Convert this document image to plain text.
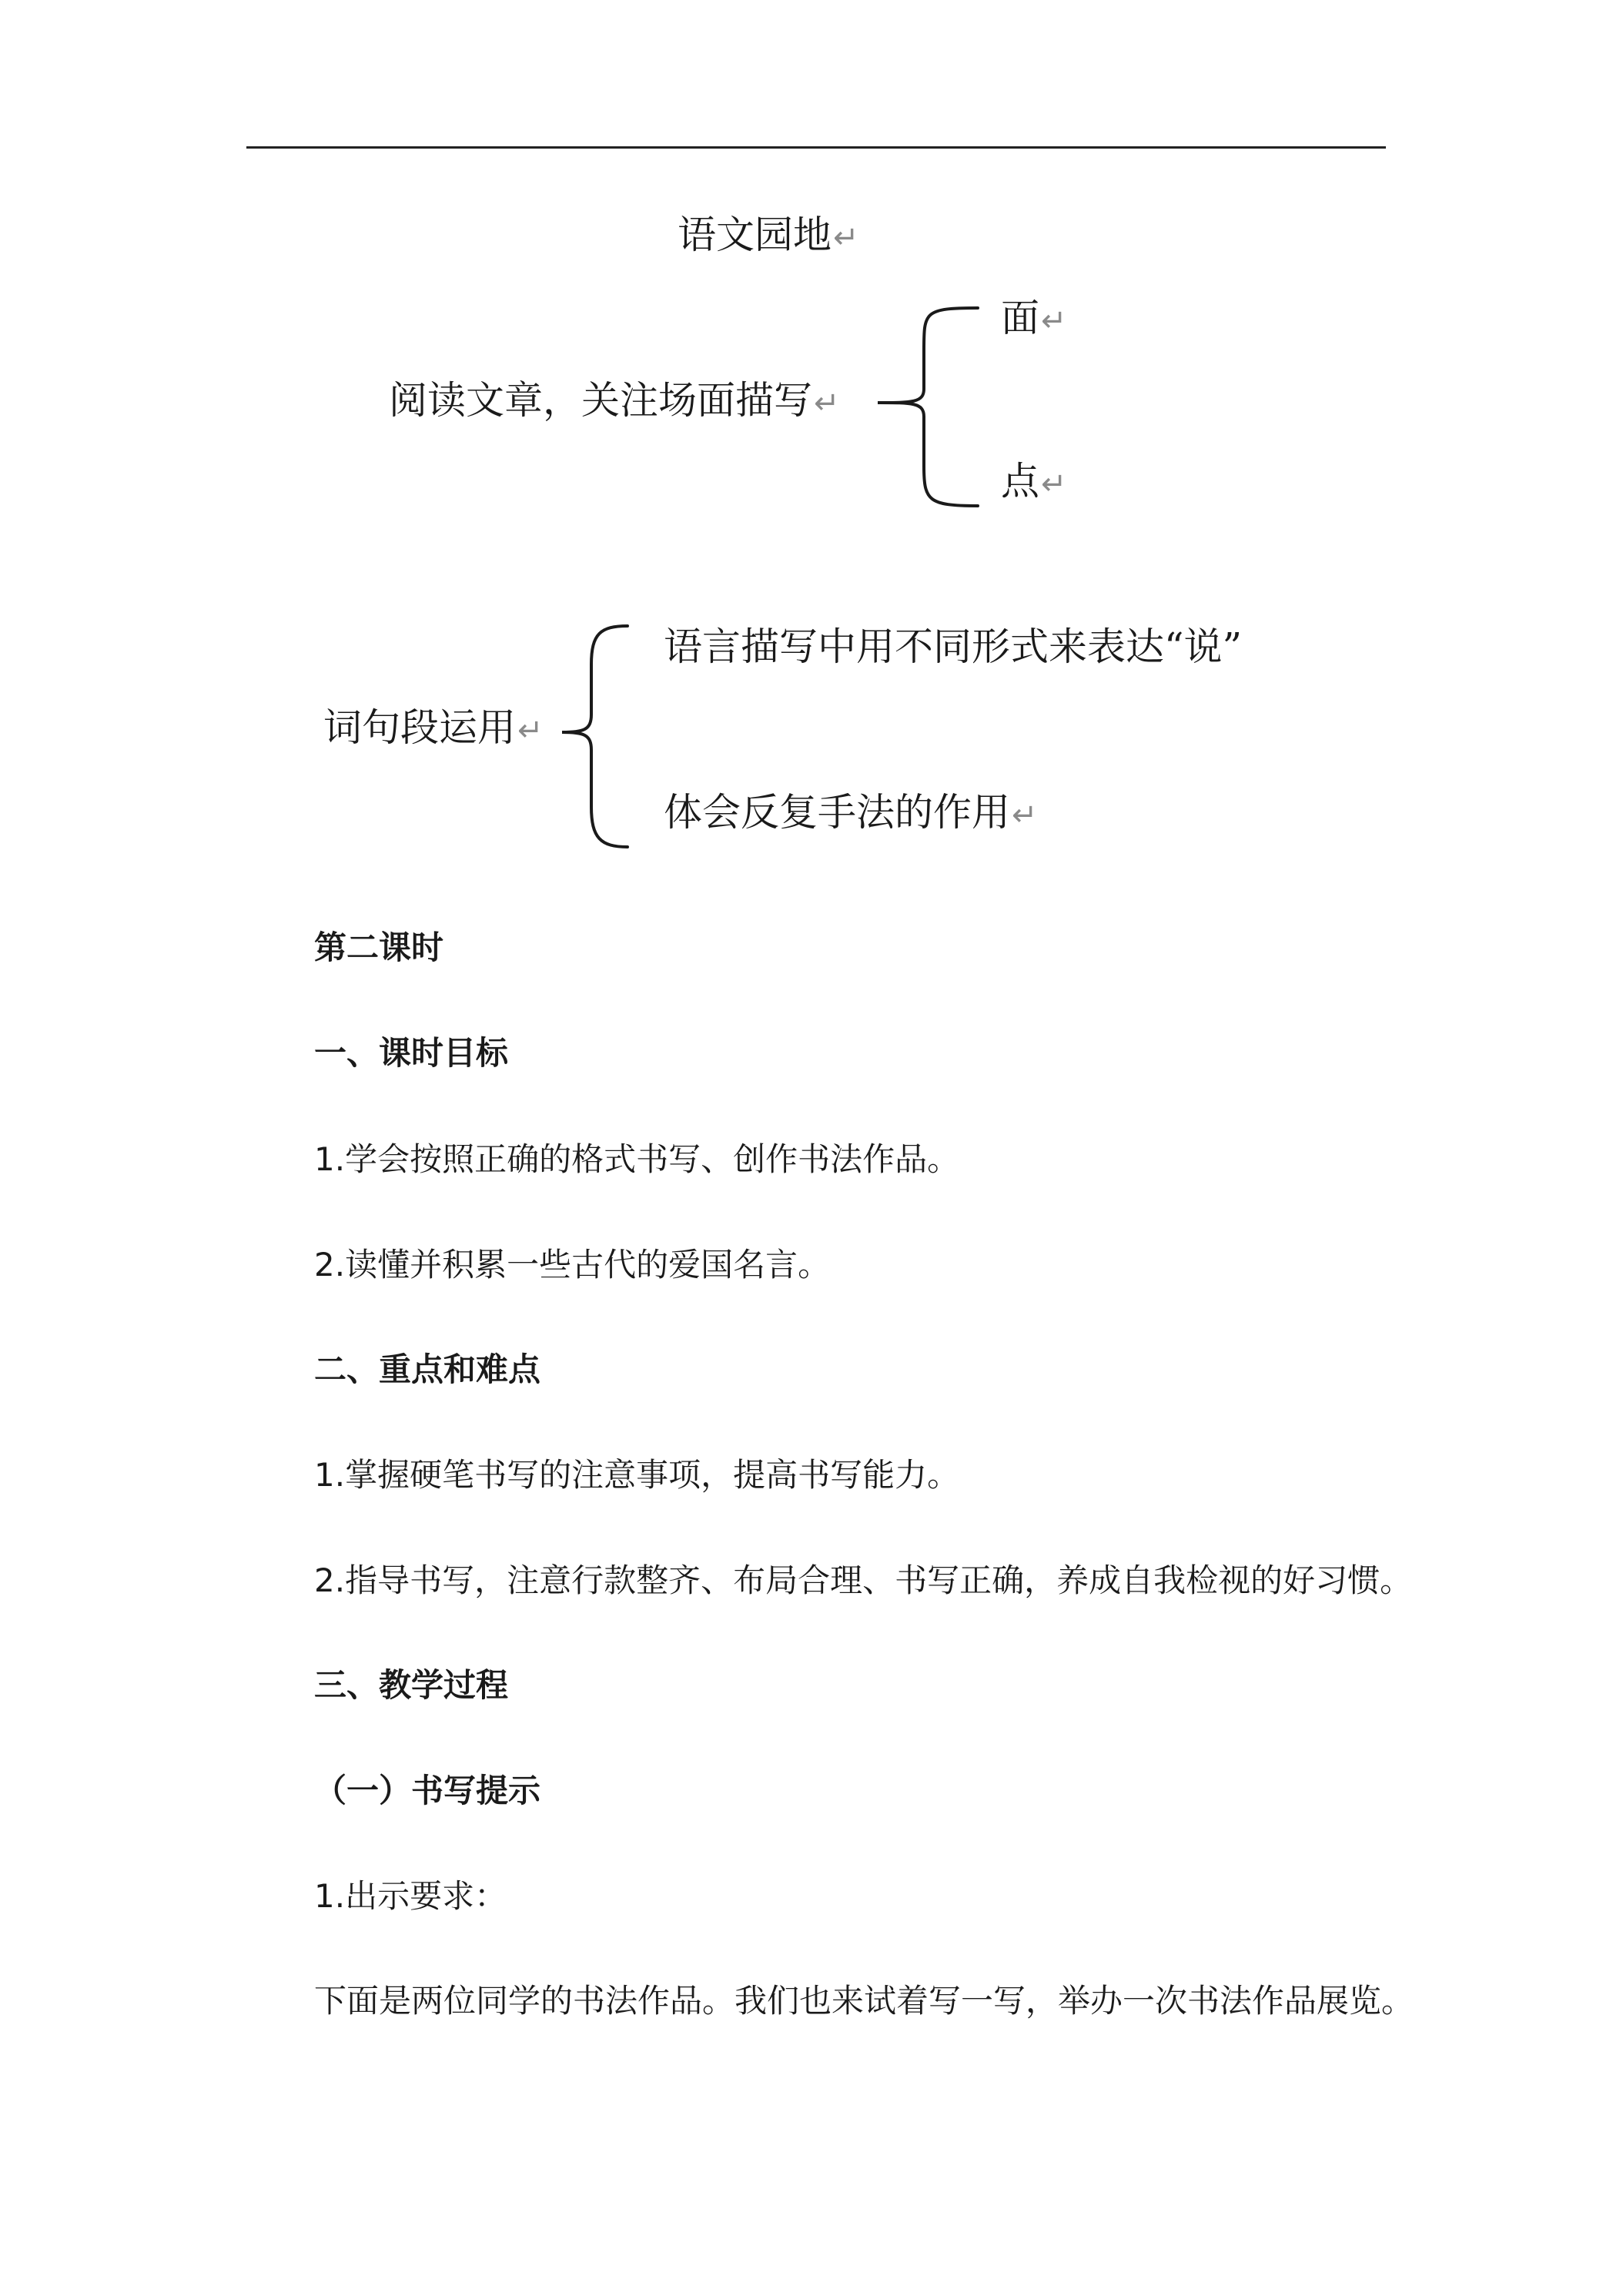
语文园地↵
阅读文章，关注场面描写↵
面↵
点↵
词句段运用↵
语言描写中用不同形式来表达“说”
体会反复手法的作用↵
第二课时
一、课时目标
1.学会按照正确的格式书写、创作书法作品。
2.读懂并积累一些古代的爱国名言。
二、重点和难点
1.掌握硬笔书写的注意事项，提高书写能力。
2.指导书写，注意行款整齐、布局合理、书写正确，养成自我检视的好习惯。
三、教学过程
（一）书写提示
1.出示要求：
下面是两位同学的书法作品。我们也来试着写一写，举办一次书法作品展览。
